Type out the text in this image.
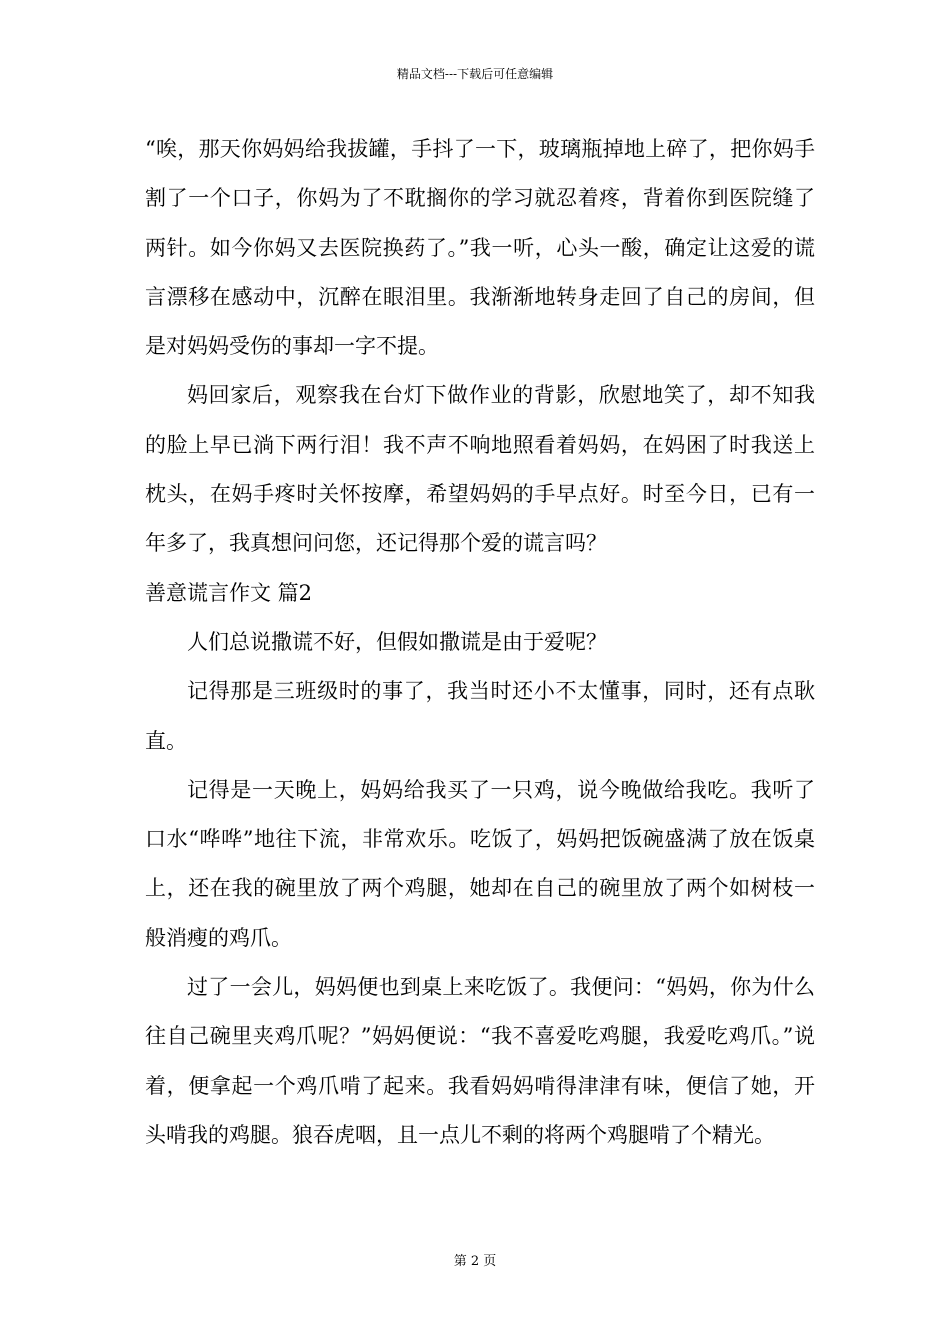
精品文档---下载后可任意编辑

“唉，那天你妈妈给我拔罐，手抖了一下，玻璃瓶掉地上碎了，把你妈手割了一个口子，你妈为了不耽搁你的学习就忍着疼，背着你到医院缝了两针。如今你妈又去医院换药了。”我一听，心头一酸，确定让这爱的谎言漂移在感动中，沉醉在眼泪里。我渐渐地转身走回了自己的房间，但是对妈妈受伤的事却一字不提。

妈回家后，观察我在台灯下做作业的背影，欣慰地笑了，却不知我的脸上早已淌下两行泪！我不声不响地照看着妈妈，在妈困了时我送上枕头，在妈手疼时关怀按摩，希望妈妈的手早点好。时至今日，已有一年多了，我真想问问您，还记得那个爱的谎言吗？

善意谎言作文 篇2

人们总说撒谎不好，但假如撒谎是由于爱呢？

记得那是三班级时的事了，我当时还小不太懂事，同时，还有点耿直。

记得是一天晚上，妈妈给我买了一只鸡，说今晚做给我吃。我听了口水“哗哗”地往下流，非常欢乐。吃饭了，妈妈把饭碗盛满了放在饭桌上，还在我的碗里放了两个鸡腿，她却在自己的碗里放了两个如树枝一般消瘦的鸡爪。

过了一会儿，妈妈便也到桌上来吃饭了。我便问：“妈妈，你为什么往自己碗里夹鸡爪呢？”妈妈便说：“我不喜爱吃鸡腿，我爱吃鸡爪。”说着，便拿起一个鸡爪啃了起来。我看妈妈啃得津津有味，便信了她，开头啃我的鸡腿。狼吞虎咽，且一点儿不剩的将两个鸡腿啃了个精光。

第 2 页
